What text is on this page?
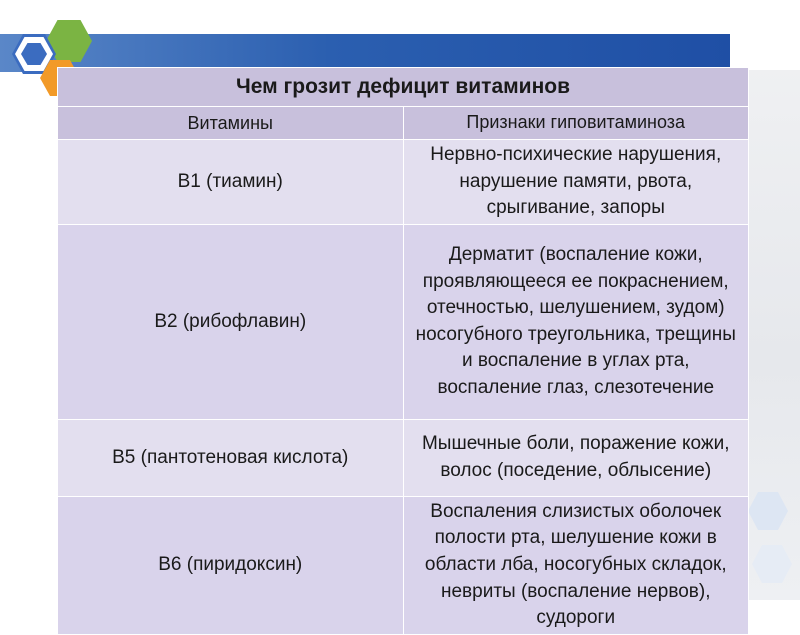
Чем грозит дефицит витаминов	
Витамины	Признаки гиповитаминоза
В1 (тиамин)	Нервно-психические нарушения, нарушение памяти, рвота, срыгивание, запоры
В2 (рибофлавин)	Дерматит (воспаление кожи, проявляющееся ее покраснением, отечностью, шелушением, зудом) носогубного треугольника, трещины и воспаление в углах рта, воспаление глаз, слезотечение
В5 (пантотеновая кислота)	Мышечные боли, поражение кожи, волос (поседение, облысение)
В6 (пиридоксин)	Воспаления слизистых оболочек полости рта, шелушение кожи в области лба, носогубных складок, невриты (воспаление нервов), судороги
